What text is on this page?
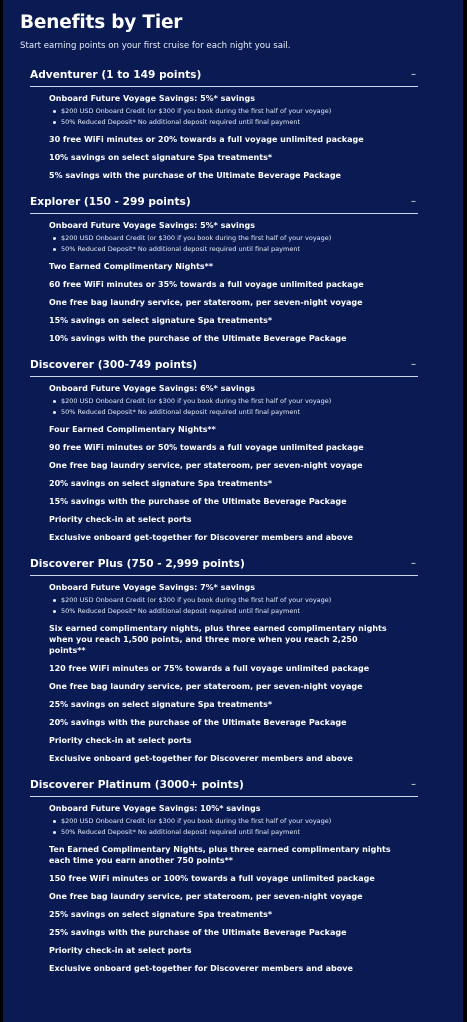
Benefits by Tier

Start earning points on your first cruise for each night you sail.

Adventurer (1 to 149 points)	–

Onboard Future Voyage Savings: 5%* savings

$200 USD Onboard Credit (or $300 if you book during the first half of your voyage)
50% Reduced Deposit* No additional deposit required until final payment

30 free WiFi minutes or 20% towards a full voyage unlimited package

10% savings on select signature Spa treatments*

5% savings with the purchase of the Ultimate Beverage Package

Explorer (150 - 299 points)	–

Onboard Future Voyage Savings: 5%* savings

$200 USD Onboard Credit (or $300 if you book during the first half of your voyage)
50% Reduced Deposit* No additional deposit required until final payment

Two Earned Complimentary Nights**

60 free WiFi minutes or 35% towards a full voyage unlimited package

One free bag laundry service, per stateroom, per seven-night voyage

15% savings on select signature Spa treatments*

10% savings with the purchase of the Ultimate Beverage Package

Discoverer (300-749 points)	–

Onboard Future Voyage Savings: 6%* savings

$200 USD Onboard Credit (or $300 if you book during the first half of your voyage)
50% Reduced Deposit* No additional deposit required until final payment

Four Earned Complimentary Nights**

90 free WiFi minutes or 50% towards a full voyage unlimited package

One free bag laundry service, per stateroom, per seven-night voyage

20% savings on select signature Spa treatments*

15% savings with the purchase of the Ultimate Beverage Package

Priority check-in at select ports

Exclusive onboard get-together for Discoverer members and above

Discoverer Plus (750 - 2,999 points)	–

Onboard Future Voyage Savings: 7%* savings

$200 USD Onboard Credit (or $300 if you book during the first half of your voyage)
50% Reduced Deposit* No additional deposit required until final payment

Six earned complimentary nights, plus three earned complimentary nights when you reach 1,500 points, and three more when you reach 2,250 points**

120 free WiFi minutes or 75% towards a full voyage unlimited package

One free bag laundry service, per stateroom, per seven-night voyage

25% savings on select signature Spa treatments*

20% savings with the purchase of the Ultimate Beverage Package

Priority check-in at select ports

Exclusive onboard get-together for Discoverer members and above

Discoverer Platinum (3000+ points)	–

Onboard Future Voyage Savings: 10%* savings

$200 USD Onboard Credit (or $300 if you book during the first half of your voyage)
50% Reduced Deposit* No additional deposit required until final payment

Ten Earned Complimentary Nights, plus three earned complimentary nights each time you earn another 750 points**

150 free WiFi minutes or 100% towards a full voyage unlimited package

One free bag laundry service, per stateroom, per seven-night voyage

25% savings on select signature Spa treatments*

25% savings with the purchase of the Ultimate Beverage Package

Priority check-in at select ports

Exclusive onboard get-together for Discoverer members and above
